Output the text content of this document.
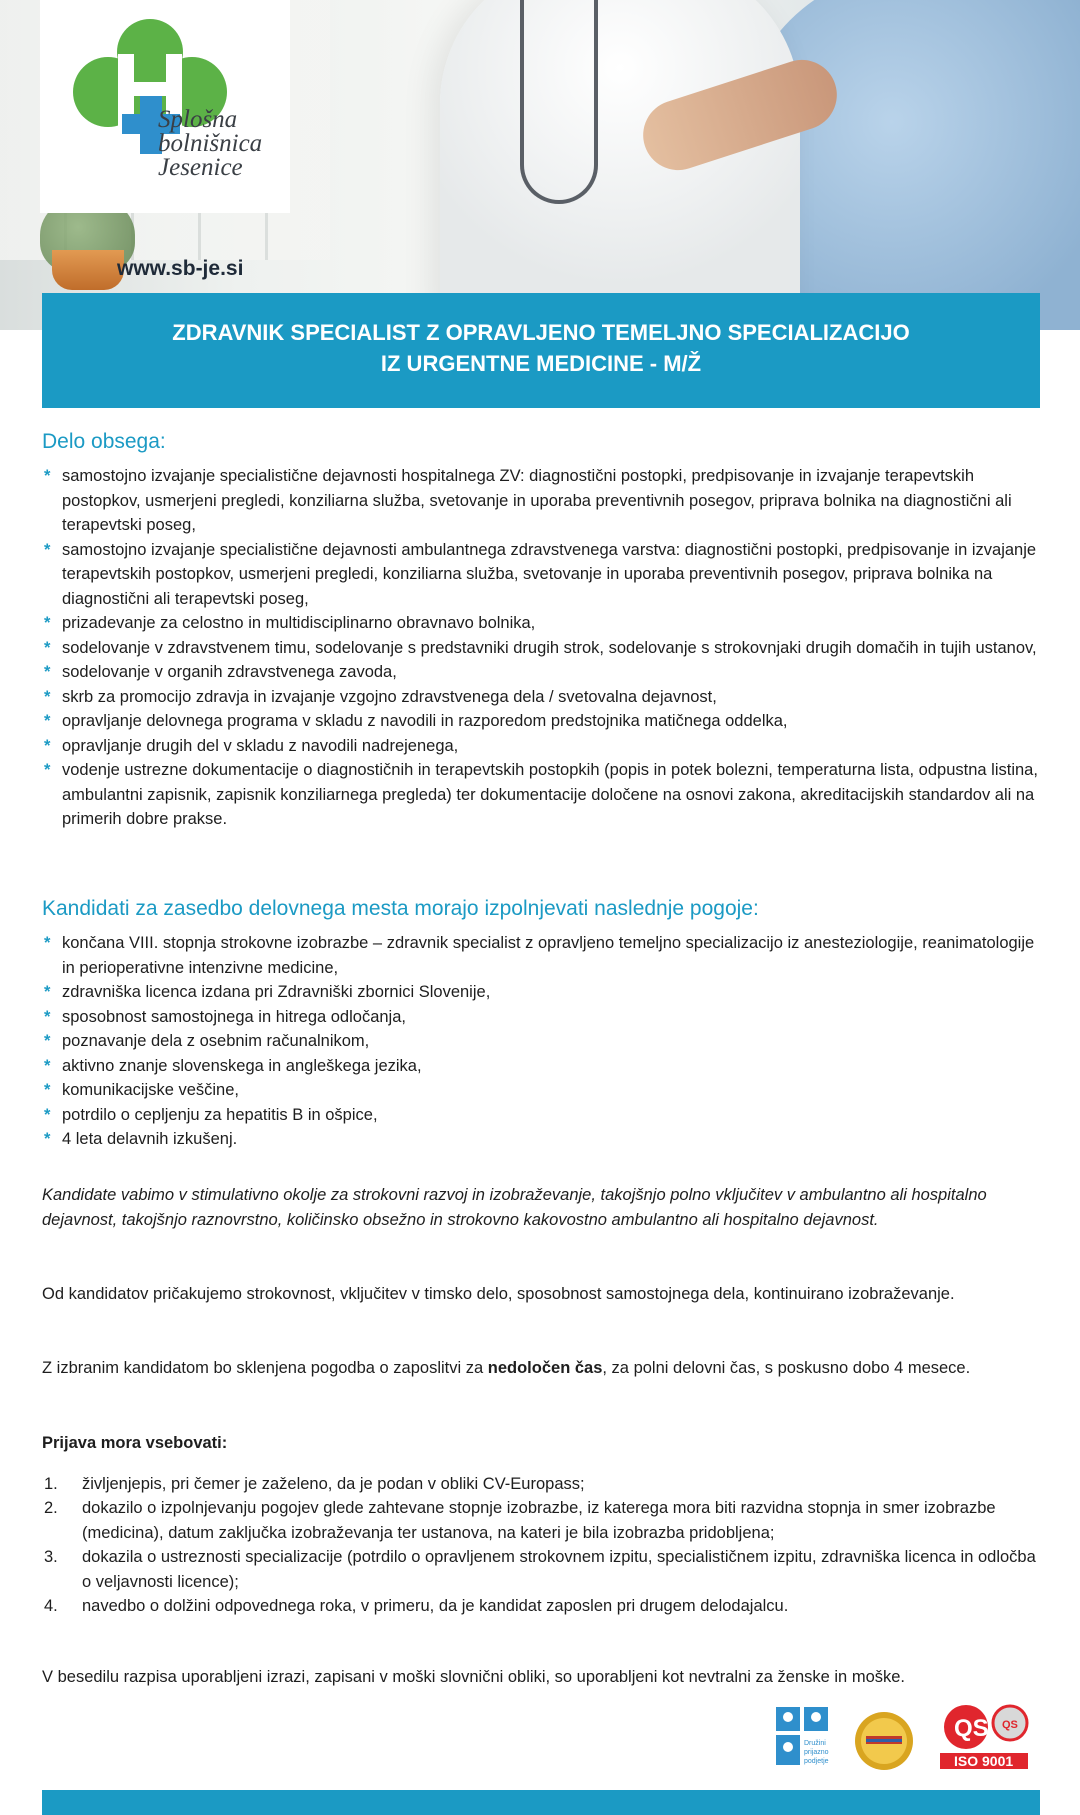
Splošna
bolnišnica
Jesenice
www.sb-je.si
ZDRAVNIK SPECIALIST Z OPRAVLJENO TEMELJNO SPECIALIZACIJO
IZ URGENTNE MEDICINE - M/Ž
Delo obsega:
* samostojno izvajanje specialistične dejavnosti hospitalnega ZV: diagnostični postopki, predpisovanje in izvajanje terapevtskih postopkov, usmerjeni pregledi, konziliarna služba, svetovanje in uporaba preventivnih posegov, priprava bolnika na diagnostični ali terapevtski poseg,
* samostojno izvajanje specialistične dejavnosti ambulantnega zdravstvenega varstva: diagnostični postopki, predpisovanje in izvajanje terapevtskih postopkov, usmerjeni pregledi, konziliarna služba, svetovanje in uporaba preventivnih posegov, priprava bolnika na diagnostični ali terapevtski poseg,
* prizadevanje za celostno in multidisciplinarno obravnavo bolnika,
* sodelovanje v zdravstvenem timu, sodelovanje s predstavniki drugih strok, sodelovanje s strokovnjaki drugih domačih in tujih ustanov,
* sodelovanje v organih zdravstvenega zavoda,
* skrb za promocijo zdravja in izvajanje vzgojno zdravstvenega dela / svetovalna dejavnost,
* opravljanje delovnega programa v skladu z navodili in razporedom predstojnika matičnega oddelka,
* opravljanje drugih del v skladu z navodili nadrejenega,
* vodenje ustrezne dokumentacije o diagnostičnih in terapevtskih postopkih (popis in potek bolezni, temperaturna lista, odpustna listina, ambulantni zapisnik, zapisnik konziliarnega pregleda) ter dokumentacije določene na osnovi zakona, akreditacijskih standardov ali na primerih dobre prakse.
Kandidati za zasedbo delovnega mesta morajo izpolnjevati naslednje pogoje:
* končana VIII. stopnja strokovne izobrazbe – zdravnik specialist z opravljeno temeljno specializacijo iz anesteziologije, reanimatologije in perioperativne intenzivne medicine,
* zdravniška licenca izdana pri Zdravniški zbornici Slovenije,
* sposobnost samostojnega in hitrega odločanja,
* poznavanje dela z osebnim računalnikom,
* aktivno znanje slovenskega in angleškega jezika,
* komunikacijske veščine,
* potrdilo o cepljenju za hepatitis B in ošpice,
* 4 leta delavnih izkušenj.

Kandidate vabimo v stimulativno okolje za strokovni razvoj in izobraževanje, takojšnjo polno vključitev v ambulantno ali hospitalno dejavnost, takojšnjo raznovrstno, količinsko obsežno in strokovno kakovostno ambulantno ali hospitalno dejavnost.

Od kandidatov pričakujemo strokovnost, vključitev v timsko delo, sposobnost samostojnega dela, kontinuirano izobraževanje.

Z izbranim kandidatom bo sklenjena pogodba o zaposlitvi za nedoločen čas, za polni delovni čas, s poskusno dobo 4 mesece.

Prijava mora vsebovati:

1. življenjepis, pri čemer je zaželeno, da je podan v obliki CV-Europass;
2. dokazilo o izpolnjevanju pogojev glede zahtevane stopnje izobrazbe, iz katerega mora biti razvidna stopnja in smer izobrazbe (medicina), datum zaključka izobraževanja ter ustanova, na kateri je bila izobrazba pridobljena;
3. dokazila o ustreznosti specializacije (potrdilo o opravljenem strokovnem izpitu, specialističnem izpitu, zdravniška licenca in odločba o veljavnosti licence);
4. navedbo o dolžini odpovednega roka, v primeru, da je kandidat zaposlen pri drugem delodajalcu.

V besedilu razpisa uporabljeni izrazi, zapisani v moški slovnični obliki, so uporabljeni kot nevtralni za ženske in moške.

Družini
prijazno
podjetje
QS QS
ISO 9001
